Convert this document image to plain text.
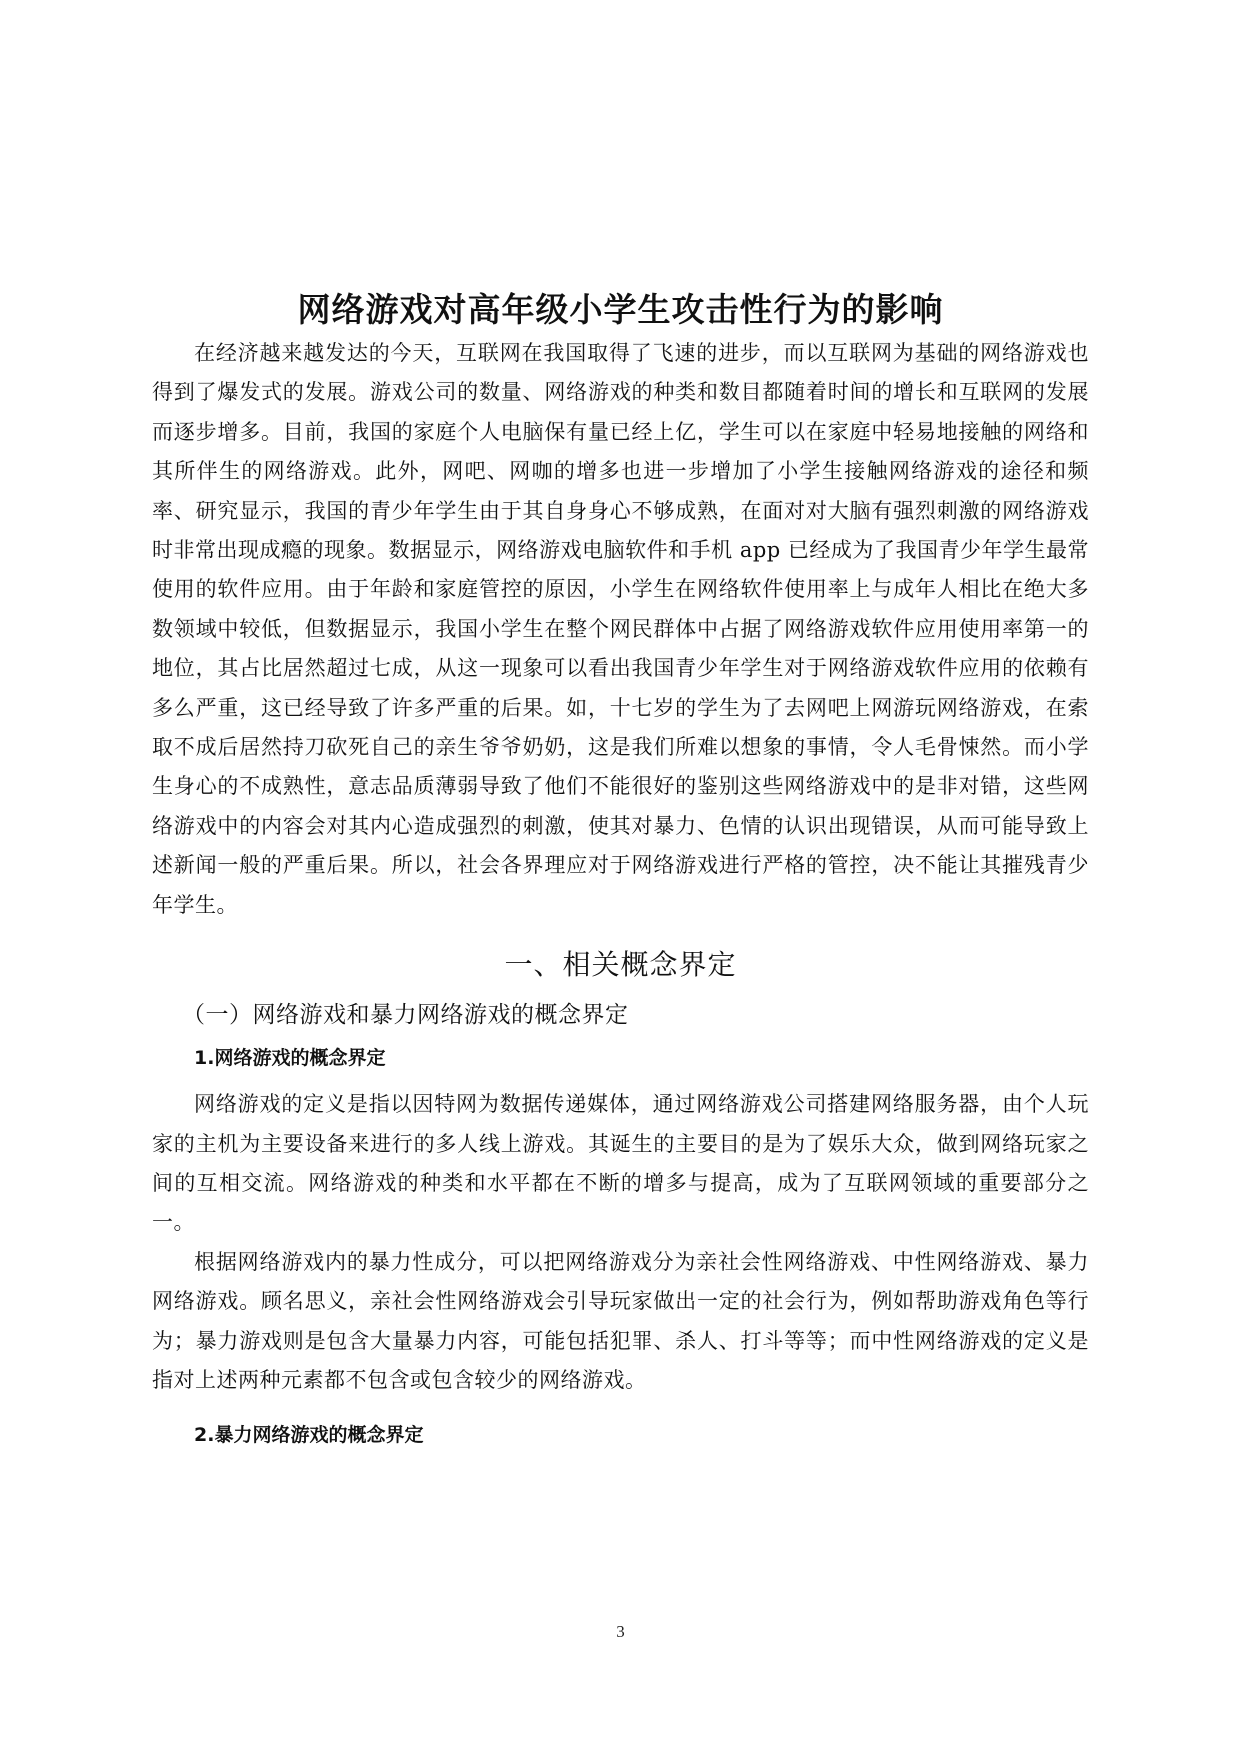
网络游戏对高年级小学生攻击性行为的影响

在经济越来越发达的今天，互联网在我国取得了飞速的进步，而以互联网为基础的网络游戏也得到了爆发式的发展。游戏公司的数量、网络游戏的种类和数目都随着时间的增长和互联网的发展而逐步增多。目前，我国的家庭个人电脑保有量已经上亿，学生可以在家庭中轻易地接触的网络和其所伴生的网络游戏。此外，网吧、网咖的增多也进一步增加了小学生接触网络游戏的途径和频率、研究显示，我国的青少年学生由于其自身身心不够成熟，在面对对大脑有强烈刺激的网络游戏时非常出现成瘾的现象。数据显示，网络游戏电脑软件和手机 app 已经成为了我国青少年学生最常使用的软件应用。由于年龄和家庭管控的原因，小学生在网络软件使用率上与成年人相比在绝大多数领域中较低，但数据显示，我国小学生在整个网民群体中占据了网络游戏软件应用使用率第一的地位，其占比居然超过七成，从这一现象可以看出我国青少年学生对于网络游戏软件应用的依赖有多么严重，这已经导致了许多严重的后果。如，十七岁的学生为了去网吧上网游玩网络游戏，在索取不成后居然持刀砍死自己的亲生爷爷奶奶，这是我们所难以想象的事情，令人毛骨悚然。而小学生身心的不成熟性，意志品质薄弱导致了他们不能很好的鉴别这些网络游戏中的是非对错，这些网络游戏中的内容会对其内心造成强烈的刺激，使其对暴力、色情的认识出现错误，从而可能导致上述新闻一般的严重后果。所以，社会各界理应对于网络游戏进行严格的管控，决不能让其摧残青少年学生。

一、相关概念界定
（一）网络游戏和暴力网络游戏的概念界定
1.网络游戏的概念界定

网络游戏的定义是指以因特网为数据传递媒体，通过网络游戏公司搭建网络服务器，由个人玩家的主机为主要设备来进行的多人线上游戏。其诞生的主要目的是为了娱乐大众，做到网络玩家之间的互相交流。网络游戏的种类和水平都在不断的增多与提高，成为了互联网领域的重要部分之一。

根据网络游戏内的暴力性成分，可以把网络游戏分为亲社会性网络游戏、中性网络游戏、暴力网络游戏。顾名思义，亲社会性网络游戏会引导玩家做出一定的社会行为，例如帮助游戏角色等行为；暴力游戏则是包含大量暴力内容，可能包括犯罪、杀人、打斗等等；而中性网络游戏的定义是指对上述两种元素都不包含或包含较少的网络游戏。

2.暴力网络游戏的概念界定
3
